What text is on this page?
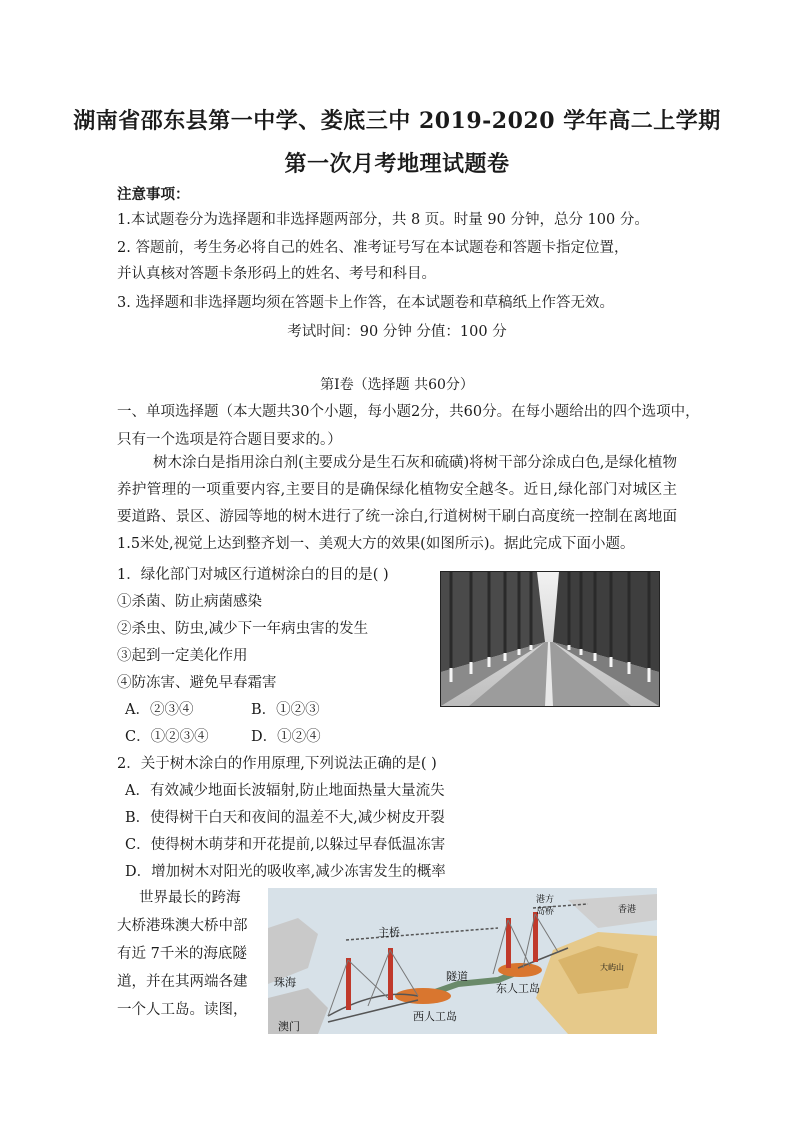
湖南省邵东县第一中学、娄底三中 2019-2020 学年高二上学期
第一次月考地理试题卷
注意事项：
1.本试题卷分为选择题和非选择题两部分，共 8 页。时量 90 分钟，总分 100 分。
2. 答题前，考生务必将自己的姓名、准考证号写在本试题卷和答题卡指定位置，
并认真核对答题卡条形码上的姓名、考号和科目。
3. 选择题和非选择题均须在答题卡上作答，在本试题卷和草稿纸上作答无效。
考试时间：90 分钟 分值：100 分
第Ⅰ卷（选择题 共60分）
一、单项选择题（本大题共30个小题，每小题2分，共60分。在每小题给出的四个选项中，
只有一个选项是符合题目要求的。）
树木涂白是指用涂白剂(主要成分是生石灰和硫磺)将树干部分涂成白色,是绿化植物养护管理的一项重要内容,主要目的是确保绿化植物安全越冬。近日,绿化部门对城区主要道路、景区、游园等地的树木进行了统一涂白,行道树树干刷白高度统一控制在离地面 1.5米处,视觉上达到整齐划一、美观大方的效果(如图所示)。据此完成下面小题。
1．绿化部门对城区行道树涂白的目的是( )
①杀菌、防止病菌感染
②杀虫、防虫,减少下一年病虫害的发生
③起到一定美化作用
④防冻害、避免早春霜害
A．②③④	B．①②③
C．①②③④	D．①②④
2．关于树木涂白的作用原理,下列说法正确的是( )
A．有效减少地面长波辐射,防止地面热量大量流失
B．使得树干白天和夜间的温差不大,减少树皮开裂
C．使得树木萌芽和开花提前,以躲过早春低温冻害
D．增加树木对阳光的吸收率,减少冻害发生的概率
世界最长的跨海
大桥港珠澳大桥中部
有近 7千米的海底隧
道，并在其两端各建
一个人工岛。读图，
珠海
澳门
主桥
隧道
西人工岛
东人工岛
港方
岛桥	香港
大屿山
